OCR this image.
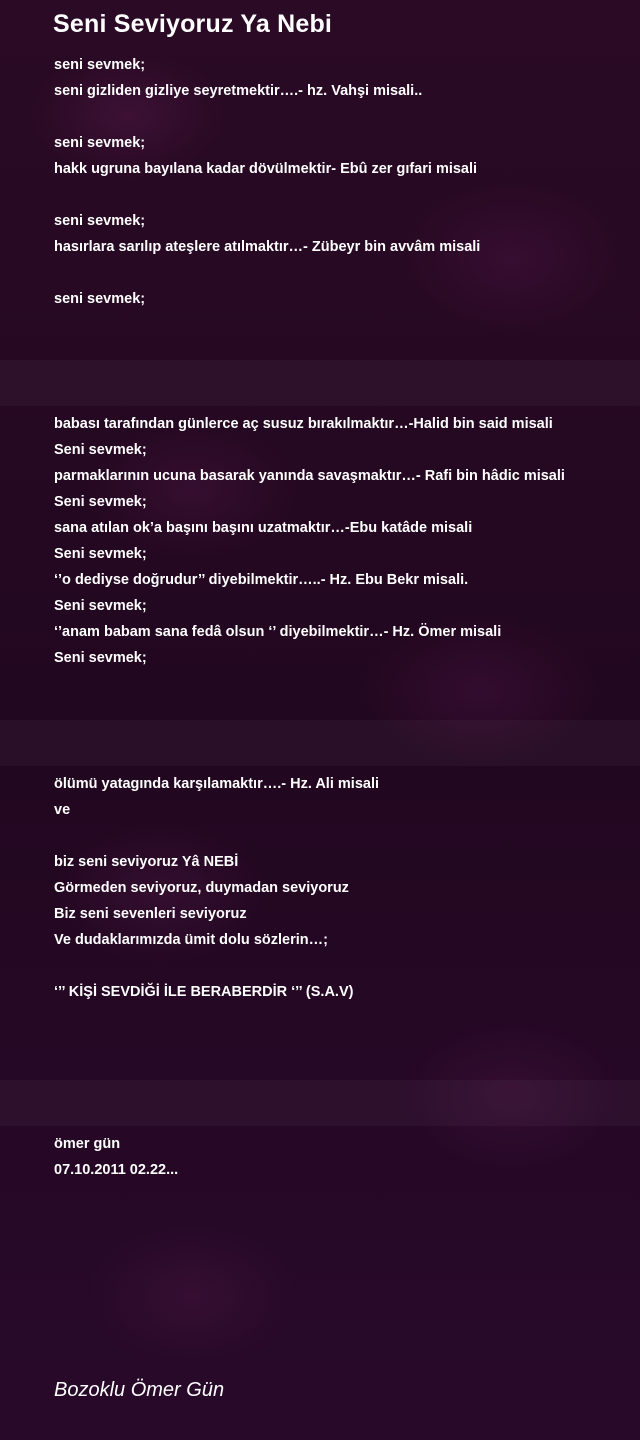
Seni Seviyoruz Ya Nebi
seni sevmek;
seni gizliden gizliye seyretmektir….- hz. Vahşi misali..
seni sevmek;
hakk ugruna bayılana kadar dövülmektir- Ebû zer gıfari misali
seni sevmek;
hasırlara sarılıp ateşlere atılmaktır…- Zübeyr bin avvâm misali
seni sevmek;
babası tarafından günlerce aç susuz bırakılmaktır…-Halid bin said misali
Seni sevmek;
parmaklarının ucuna basarak yanında savaşmaktır…- Rafi bin hâdic misali
Seni sevmek;
sana atılan ok’a başını başını uzatmaktır…-Ebu katâde misali
Seni sevmek;
‘’o dediyse doğrudur’’ diyebilmektir…..- Hz. Ebu Bekr misali.
Seni sevmek;
‘’anam babam sana fedâ olsun ‘’ diyebilmektir…- Hz. Ömer misali
Seni sevmek;
ölümü yatagında karşılamaktır….- Hz. Ali misali
ve
biz seni seviyoruz Yâ NEBİ
Görmeden seviyoruz, duymadan seviyoruz
Biz seni sevenleri seviyoruz
Ve dudaklarımızda ümit dolu sözlerin…;
‘’’ KİŞİ SEVDİĞİ İLE BERABERDİR ‘’’ (S.A.V)
ömer gün
07.10.2011 02.22...
Bozoklu Ömer Gün
